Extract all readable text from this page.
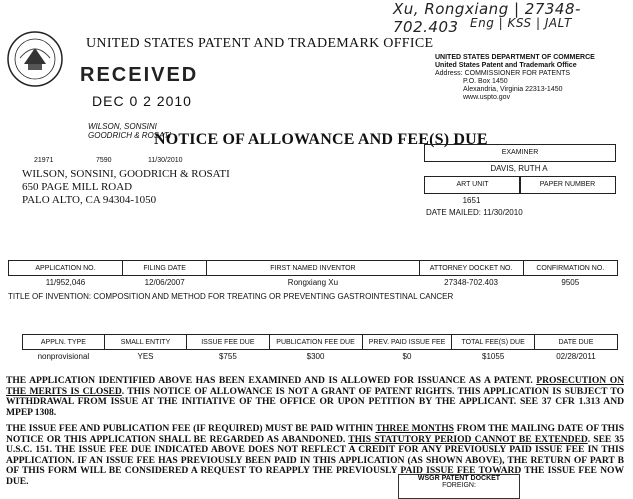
Xu, Rongxiang | 27348-702.403 Eng | KSS | JALT
UNITED STATES PATENT AND TRADEMARK OFFICE
RECEIVED
DEC 0 2 2010
WILSON, SONSINI
GOODRICH & ROSATI
NOTICE OF ALLOWANCE AND FEE(S) DUE
UNITED STATES DEPARTMENT OF COMMERCE
United States Patent and Trademark Office
Address: COMMISSIONER FOR PATENTS
P.O. Box 1450
Alexandria, Virginia 22313-1450
www.uspto.gov
21971	7590	11/30/2010
WILSON, SONSINI, GOODRICH & ROSATI
650 PAGE MILL ROAD
PALO ALTO, CA 94304-1050
EXAMINER
DAVIS, RUTH A
ART UNIT	PAPER NUMBER
1651
DATE MAILED: 11/30/2010
APPLICATION NO.	FILING DATE	FIRST NAMED INVENTOR	ATTORNEY DOCKET NO.	CONFIRMATION NO.
11/952,046	12/06/2007	Rongxiang Xu	27348-702.403	9505
TITLE OF INVENTION: COMPOSITION AND METHOD FOR TREATING OR PREVENTING GASTROINTESTINAL CANCER
APPLN. TYPE	SMALL ENTITY	ISSUE FEE DUE	PUBLICATION FEE DUE	PREV. PAID ISSUE FEE	TOTAL FEE(S) DUE	DATE DUE
nonprovisional	YES	$755	$300	$0	$1055	02/28/2011
THE APPLICATION IDENTIFIED ABOVE HAS BEEN EXAMINED AND IS ALLOWED FOR ISSUANCE AS A PATENT. PROSECUTION ON THE MERITS IS CLOSED. THIS NOTICE OF ALLOWANCE IS NOT A GRANT OF PATENT RIGHTS. THIS APPLICATION IS SUBJECT TO WITHDRAWAL FROM ISSUE AT THE INITIATIVE OF THE OFFICE OR UPON PETITION BY THE APPLICANT. SEE 37 CFR 1.313 AND MPEP 1308.
THE ISSUE FEE AND PUBLICATION FEE (IF REQUIRED) MUST BE PAID WITHIN THREE MONTHS FROM THE MAILING DATE OF THIS NOTICE OR THIS APPLICATION SHALL BE REGARDED AS ABANDONED. THIS STATUTORY PERIOD CANNOT BE EXTENDED. SEE 35 U.S.C. 151. THE ISSUE FEE DUE INDICATED ABOVE DOES NOT REFLECT A CREDIT FOR ANY PREVIOUSLY PAID ISSUE FEE IN THIS APPLICATION. IF AN ISSUE FEE HAS PREVIOUSLY BEEN PAID IN THIS APPLICATION (AS SHOWN ABOVE), THE RETURN OF PART B OF THIS FORM WILL BE CONSIDERED A REQUEST TO REAPPLY THE PREVIOUSLY PAID ISSUE FEE TOWARD THE ISSUE FEE NOW DUE.	WSGR PATENT DOCKET
FOREIGN:
